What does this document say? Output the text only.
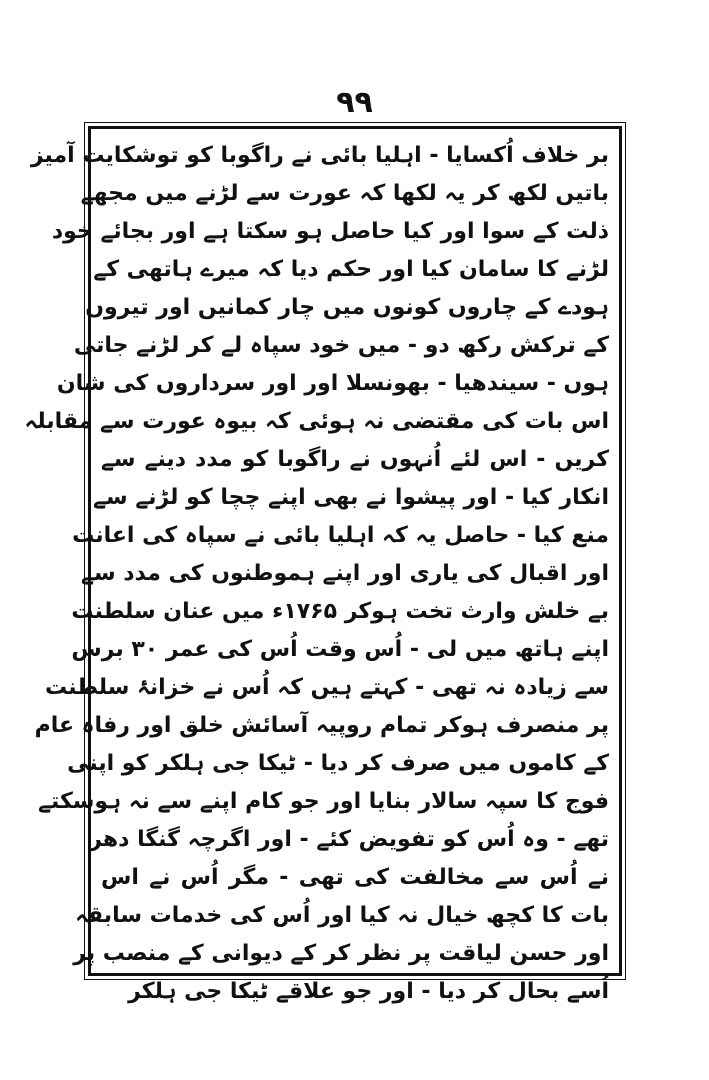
۹۹
بر خلاف اُکسایا - اہلیا بائی نے راگوبا کو توشکایت آمیز
باتیں لکھ کر یہ لکھا کہ عورت سے لڑنے میں مجھے
ذلت کے سوا اور کیا حاصل ہو سکتا ہے اور بجائے خود
لڑنے کا سامان کیا اور حکم دیا کہ میرے ہاتھی کے
ہودے کے چاروں کونوں میں چار کمانیں اور تیروں
کے ترکش رکھ دو - میں خود سپاہ لے کر لڑنے جاتی
ہوں - سیندھیا - بھونسلا اور اور سرداروں کی شان
اس بات کی مقتضی نہ ہوئی کہ بیوہ عورت سے مقابلہ
کریں - اس لئے اُنہوں نے راگوبا کو مدد دینے سے
انکار کیا - اور پیشوا نے بھی اپنے چچا کو لڑنے سے
منع کیا - حاصل یہ کہ اہلیا بائی نے سپاہ کی اعانت
اور اقبال کی یاری اور اپنے ہموطنوں کی مدد سے
بے خلش وارث تخت ہوکر ۱۷۶۵ء میں عنان سلطنت
اپنے ہاتھ میں لی - اُس وقت اُس کی عمر ۳۰ برس
سے زیادہ نہ تھی - کہتے ہیں کہ اُس نے خزانۂ سلطنت
پر منصرف ہوکر تمام روپیہ آسائش خلق اور رفاہ عام
کے کاموں میں صرف کر دیا - ٹیکا جی ہلکر کو اپنی
فوج کا سپہ سالار بنایا اور جو کام اپنے سے نہ ہوسکتے
تھے - وہ اُس کو تفویض کئے - اور اگرچہ گنگا دھر
نے اُس سے مخالفت کی تھی - مگر اُس نے اس
بات کا کچھ خیال نہ کیا اور اُس کی خدمات سابقہ
اور حسن لیاقت پر نظر کر کے دیوانی کے منصب پر
اُسے بحال کر دیا - اور جو علاقے ٹیکا جی ہلکر
